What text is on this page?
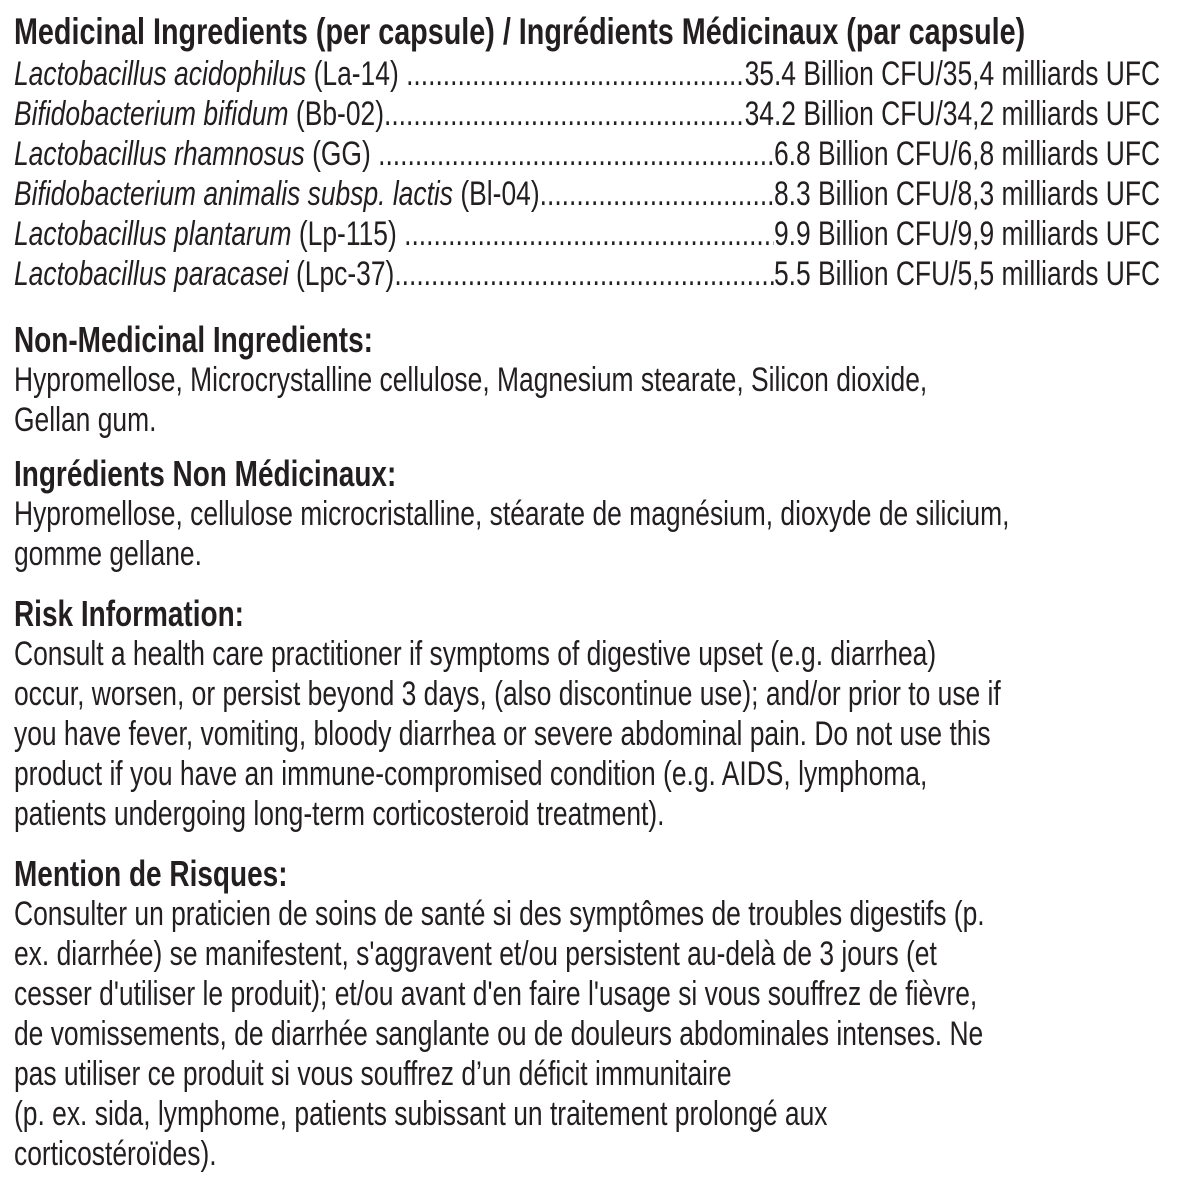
Medicinal Ingredients (per capsule) / Ingrédients Médicinaux (par capsule)
Lactobacillus acidophilus (La-14) .....	35.4 Billion CFU/35,4 milliards UFC
Bifidobacterium bifidum (Bb-02) .....	34.2 Billion CFU/34,2 milliards UFC
Lactobacillus rhamnosus (GG) .....	6.8 Billion CFU/6,8 milliards UFC
Bifidobacterium animalis subsp. lactis (Bl-04) .....	8.3 Billion CFU/8,3 milliards UFC
Lactobacillus plantarum (Lp-115) .....	9.9 Billion CFU/9,9 milliards UFC
Lactobacillus paracasei (Lpc-37) .....	5.5 Billion CFU/5,5 milliards UFC
Non-Medicinal Ingredients:
Hypromellose, Microcrystalline cellulose, Magnesium stearate, Silicon dioxide,
Gellan gum.
Ingrédients Non Médicinaux:
Hypromellose, cellulose microcristalline, stéarate de magnésium, dioxyde de silicium,
gomme gellane.
Risk Information:
Consult a health care practitioner if symptoms of digestive upset (e.g. diarrhea)
occur, worsen, or persist beyond 3 days, (also discontinue use); and/or prior to use if
you have fever, vomiting, bloody diarrhea or severe abdominal pain. Do not use this
product if you have an immune-compromised condition (e.g. AIDS, lymphoma,
patients undergoing long-term corticosteroid treatment).
Mention de Risques:
Consulter un praticien de soins de santé si des symptômes de troubles digestifs (p.
ex. diarrhée) se manifestent, s'aggravent et/ou persistent au-delà de 3 jours (et
cesser d'utiliser le produit); et/ou avant d'en faire l'usage si vous souffrez de fièvre,
de vomissements, de diarrhée sanglante ou de douleurs abdominales intenses. Ne
pas utiliser ce produit si vous souffrez d’un déficit immunitaire
(p. ex. sida, lymphome, patients subissant un traitement prolongé aux
corticostéroïdes).
